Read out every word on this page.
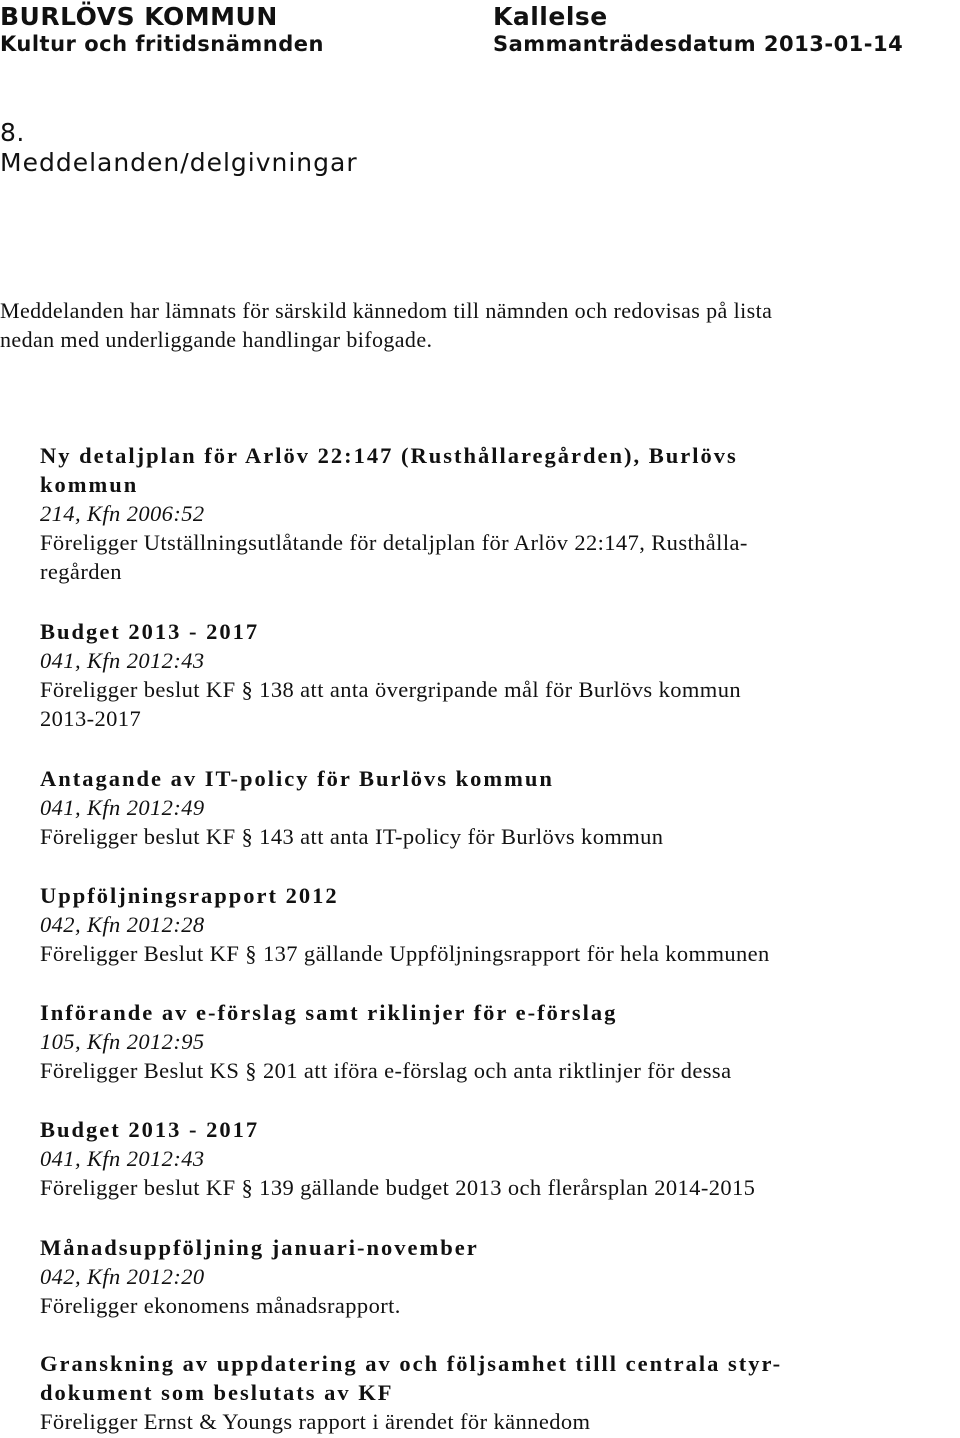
BURLÖVS KOMMUN
Kultur och fritidsnämnden
Kallelse
Sammanträdesdatum 2013-01-14
8.
Meddelanden/delgivningar
Meddelanden har lämnats för särskild kännedom till nämnden och redovisas på lista
nedan med underliggande handlingar bifogade.
Ny detaljplan för Arlöv 22:147 (Rusthållaregården), Burlövs
kommun
214, Kfn 2006:52
Föreligger Utställningsutlåtande för detaljplan för Arlöv 22:147, Rusthålla-
regården
Budget 2013 - 2017
041, Kfn 2012:43
Föreligger beslut KF § 138 att anta övergripande mål för Burlövs kommun
2013-2017
Antagande av IT-policy för Burlövs kommun
041, Kfn 2012:49
Föreligger beslut KF § 143 att anta IT-policy för Burlövs kommun
Uppföljningsrapport 2012
042, Kfn 2012:28
Föreligger Beslut KF § 137 gällande Uppföljningsrapport för hela kommunen
Införande av e-förslag samt riklinjer för e-förslag
105, Kfn 2012:95
Föreligger Beslut KS § 201 att iföra e-förslag och anta riktlinjer för dessa
Budget 2013 - 2017
041, Kfn 2012:43
Föreligger beslut KF § 139 gällande budget 2013 och flerårsplan 2014-2015
Månadsuppföljning januari-november
042, Kfn 2012:20
Föreligger ekonomens månadsrapport.
Granskning av uppdatering av och följsamhet tilll centrala styr-
dokument som beslutats av KF
Föreligger Ernst & Youngs rapport i ärendet för kännedom
